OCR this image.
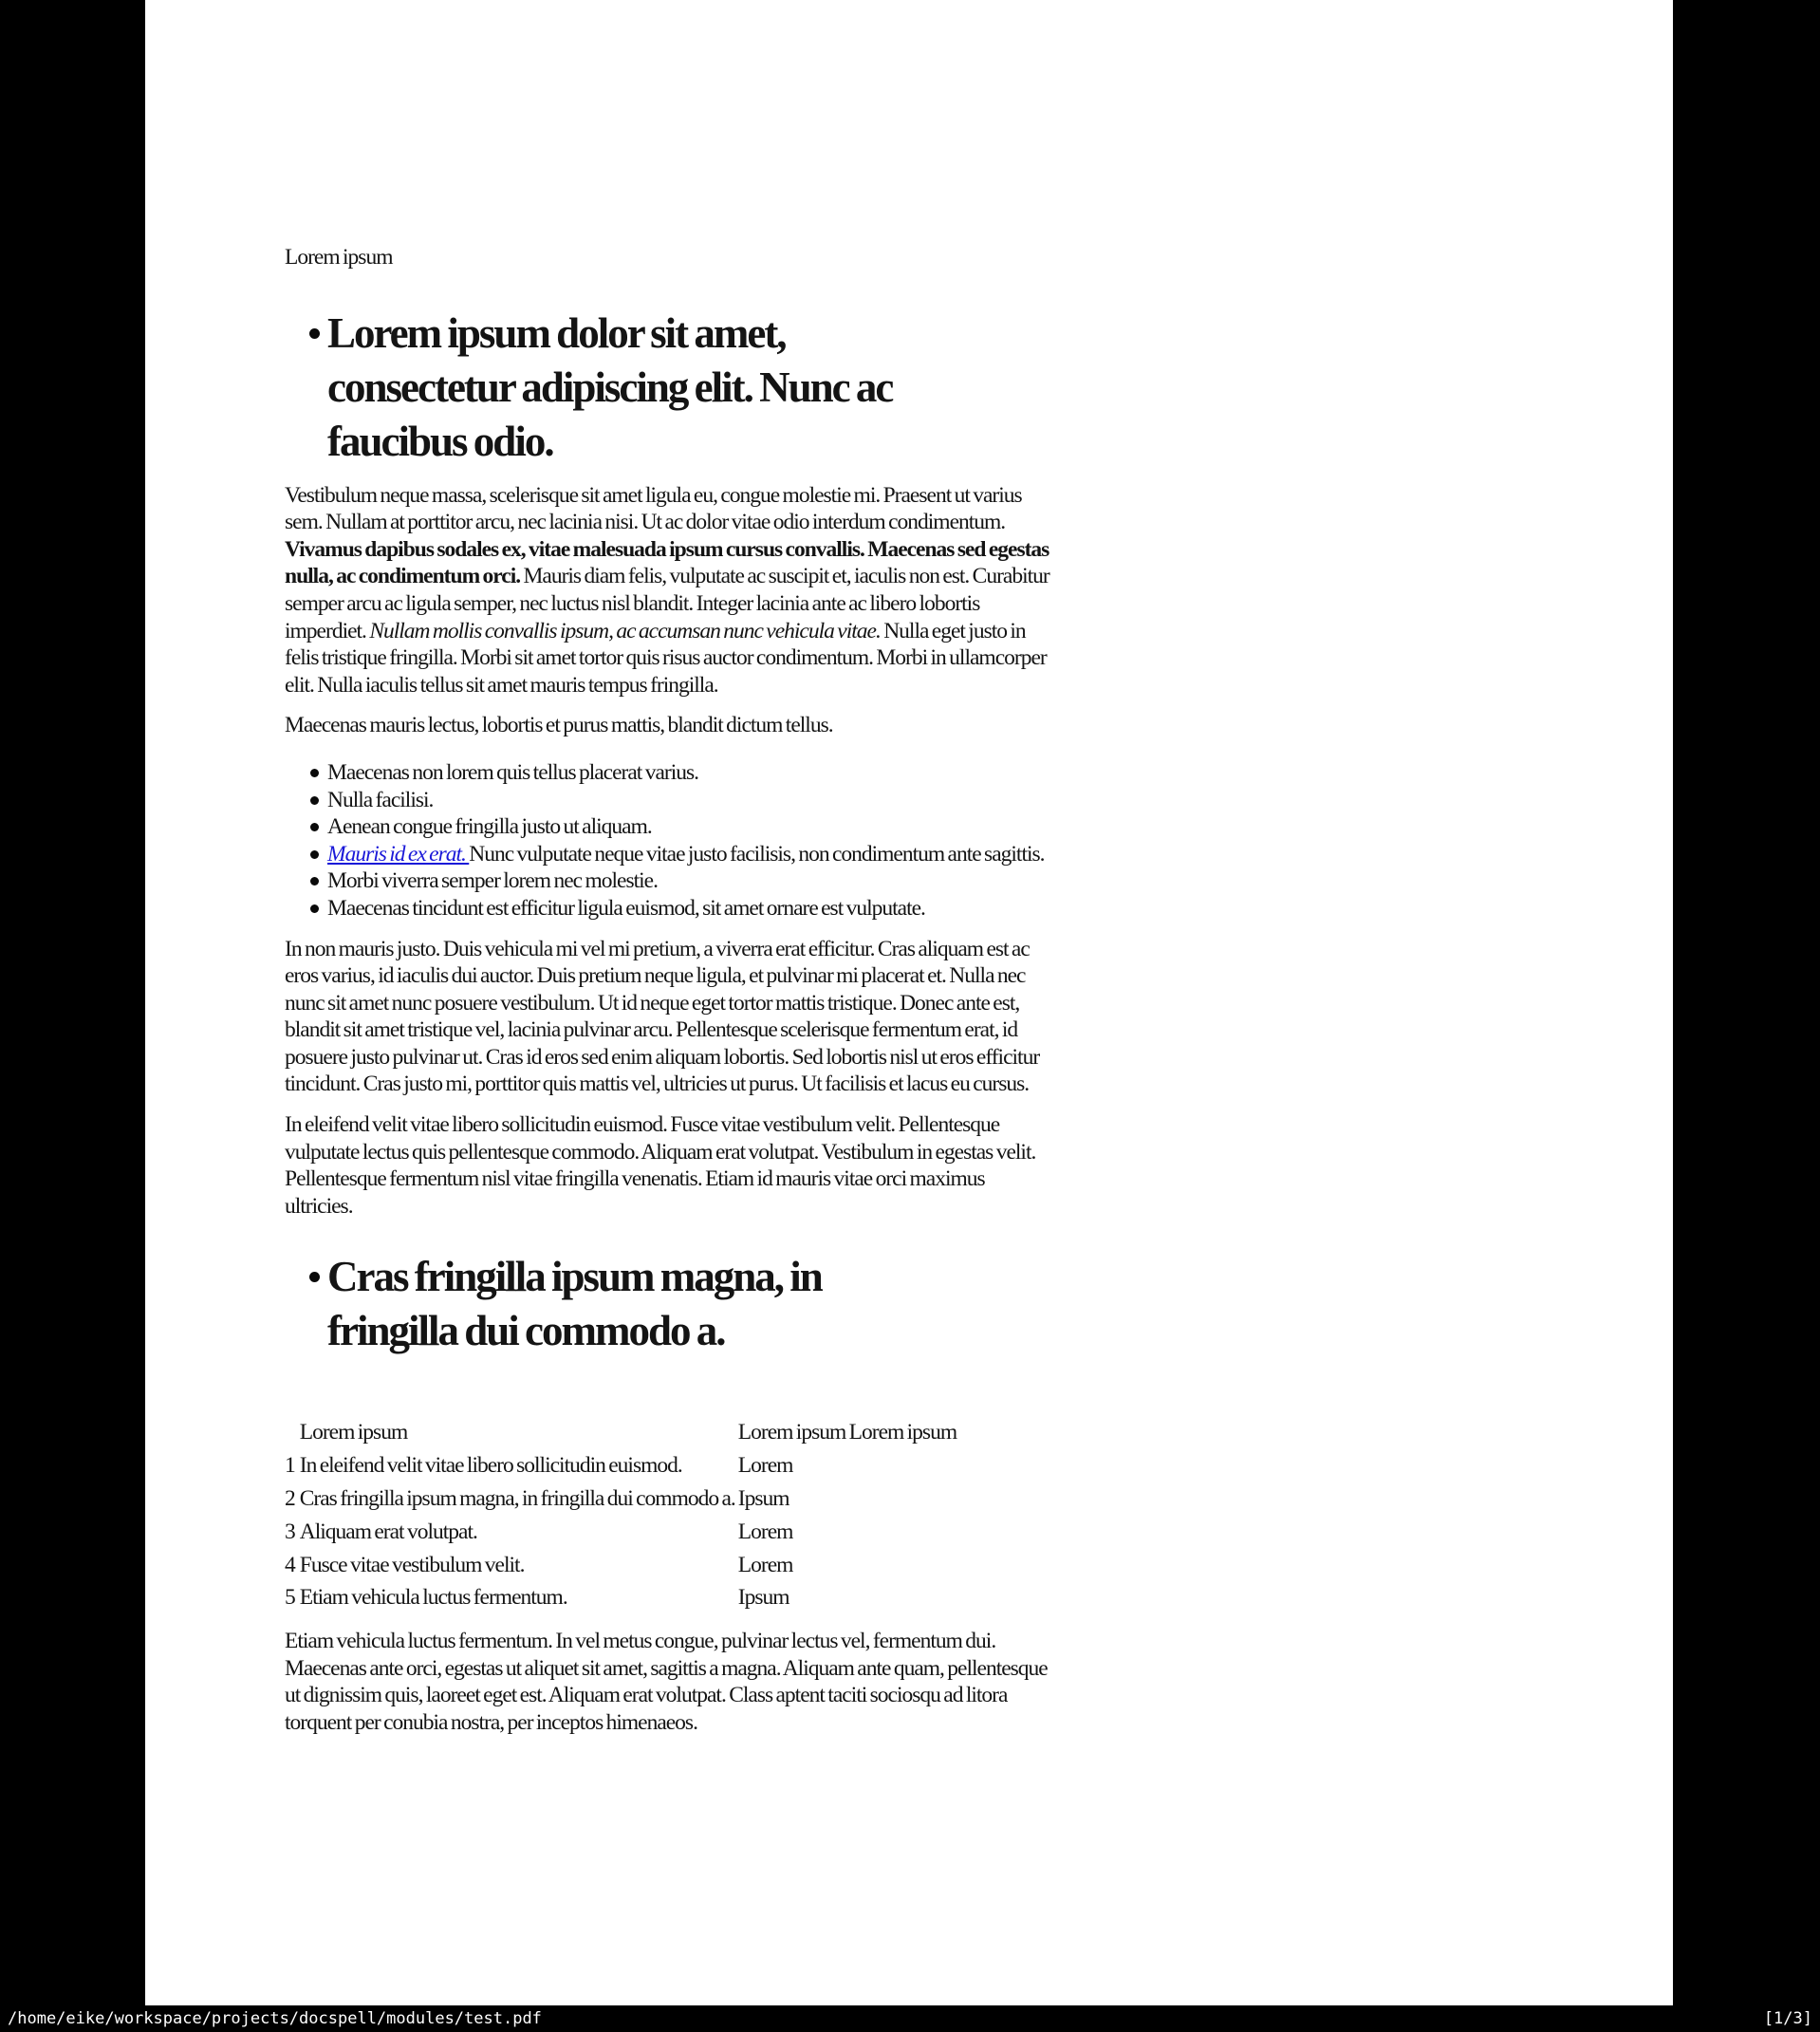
Lorem ipsum

Lorem ipsum dolor sit amet,
consectetur adipiscing elit. Nunc ac
faucibus odio.

Vestibulum neque massa, scelerisque sit amet ligula eu, congue molestie mi. Praesent ut varius sem. Nullam at porttitor arcu, nec lacinia nisi. Ut ac dolor vitae odio interdum condimentum. Vivamus dapibus sodales ex, vitae malesuada ipsum cursus convallis. Maecenas sed egestas nulla, ac condimentum orci. Mauris diam felis, vulputate ac suscipit et, iaculis non est. Curabitur semper arcu ac ligula semper, nec luctus nisl blandit. Integer lacinia ante ac libero lobortis imperdiet. Nullam mollis convallis ipsum, ac accumsan nunc vehicula vitae. Nulla eget justo in felis tristique fringilla. Morbi sit amet tortor quis risus auctor condimentum. Morbi in ullamcorper elit. Nulla iaculis tellus sit amet mauris tempus fringilla.

Maecenas mauris lectus, lobortis et purus mattis, blandit dictum tellus.

Maecenas non lorem quis tellus placerat varius.
Nulla facilisi.
Aenean congue fringilla justo ut aliquam.
Mauris id ex erat. Nunc vulputate neque vitae justo facilisis, non condimentum ante sagittis.
Morbi viverra semper lorem nec molestie.
Maecenas tincidunt est efficitur ligula euismod, sit amet ornare est vulputate.

In non mauris justo. Duis vehicula mi vel mi pretium, a viverra erat efficitur. Cras aliquam est ac eros varius, id iaculis dui auctor. Duis pretium neque ligula, et pulvinar mi placerat et. Nulla nec nunc sit amet nunc posuere vestibulum. Ut id neque eget tortor mattis tristique. Donec ante est, blandit sit amet tristique vel, lacinia pulvinar arcu. Pellentesque scelerisque fermentum erat, id posuere justo pulvinar ut. Cras id eros sed enim aliquam lobortis. Sed lobortis nisl ut eros efficitur tincidunt. Cras justo mi, porttitor quis mattis vel, ultricies ut purus. Ut facilisis et lacus eu cursus.

In eleifend velit vitae libero sollicitudin euismod. Fusce vitae vestibulum velit. Pellentesque vulputate lectus quis pellentesque commodo. Aliquam erat volutpat. Vestibulum in egestas velit. Pellentesque fermentum nisl vitae fringilla venenatis. Etiam id mauris vitae orci maximus ultricies.

Cras fringilla ipsum magna, in
fringilla dui commodo a.
	Lorem ipsum	Lorem ipsum Lorem ipsum
1	In eleifend velit vitae libero sollicitudin euismod.	Lorem
2	Cras fringilla ipsum magna, in fringilla dui commodo a.	Ipsum
3	Aliquam erat volutpat.	Lorem
4	Fusce vitae vestibulum velit.	Lorem
5	Etiam vehicula luctus fermentum.	Ipsum

Etiam vehicula luctus fermentum. In vel metus congue, pulvinar lectus vel, fermentum dui. Maecenas ante orci, egestas ut aliquet sit amet, sagittis a magna. Aliquam ante quam, pellentesque ut dignissim quis, laoreet eget est. Aliquam erat volutpat. Class aptent taciti sociosqu ad litora torquent per conubia nostra, per inceptos himenaeos.

/home/eike/workspace/projects/docspell/modules/test.pdf	[1/3]
